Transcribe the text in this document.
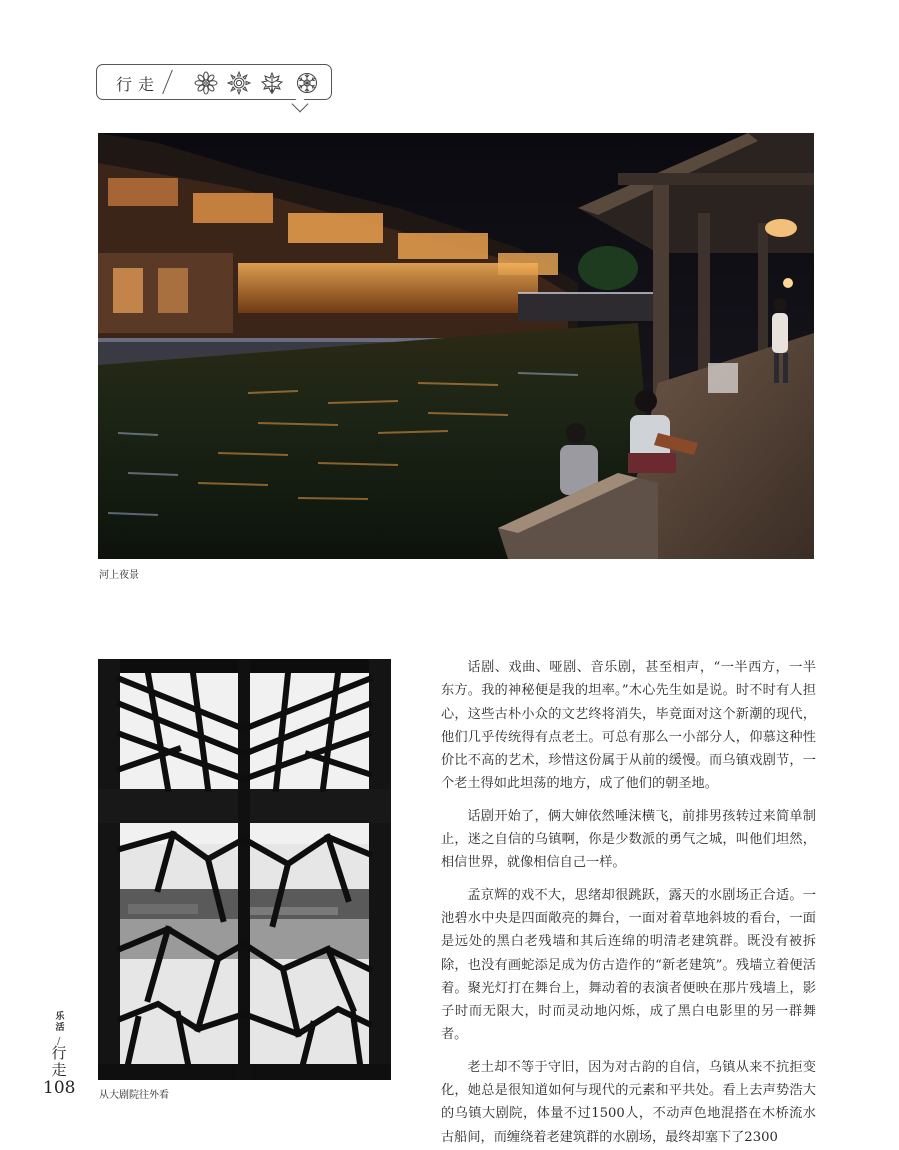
行走
河上夜景
从大剧院往外看

话剧、戏曲、哑剧、音乐剧，甚至相声，“一半西方，一半东方。我的神秘便是我的坦率。”木心先生如是说。时不时有人担心，这些古朴小众的文艺终将消失，毕竟面对这个新潮的现代，他们几乎传统得有点老土。可总有那么一小部分人，仰慕这种性价比不高的艺术，珍惜这份属于从前的缓慢。而乌镇戏剧节，一个老土得如此坦荡的地方，成了他们的朝圣地。

话剧开始了，俩大婶依然唾沫横飞，前排男孩转过来简单制止，迷之自信的乌镇啊，你是少数派的勇气之城，叫他们坦然，相信世界，就像相信自己一样。

孟京辉的戏不大，思绪却很跳跃，露天的水剧场正合适。一池碧水中央是四面敞亮的舞台，一面对着草地斜坡的看台，一面是远处的黑白老残墙和其后连绵的明清老建筑群。既没有被拆除，也没有画蛇添足成为仿古造作的“新老建筑”。残墙立着便活着。聚光灯打在舞台上，舞动着的表演者便映在那片残墙上，影子时而无限大，时而灵动地闪烁，成了黑白电影里的另一群舞者。

老土却不等于守旧，因为对古韵的自信，乌镇从来不抗拒变化，她总是很知道如何与现代的元素和平共处。看上去声势浩大的乌镇大剧院，体量不过1500人，不动声色地混搭在木桥流水古船间，而缠绕着老建筑群的水剧场，最终却塞下了2300

乐活
/
行走
108
